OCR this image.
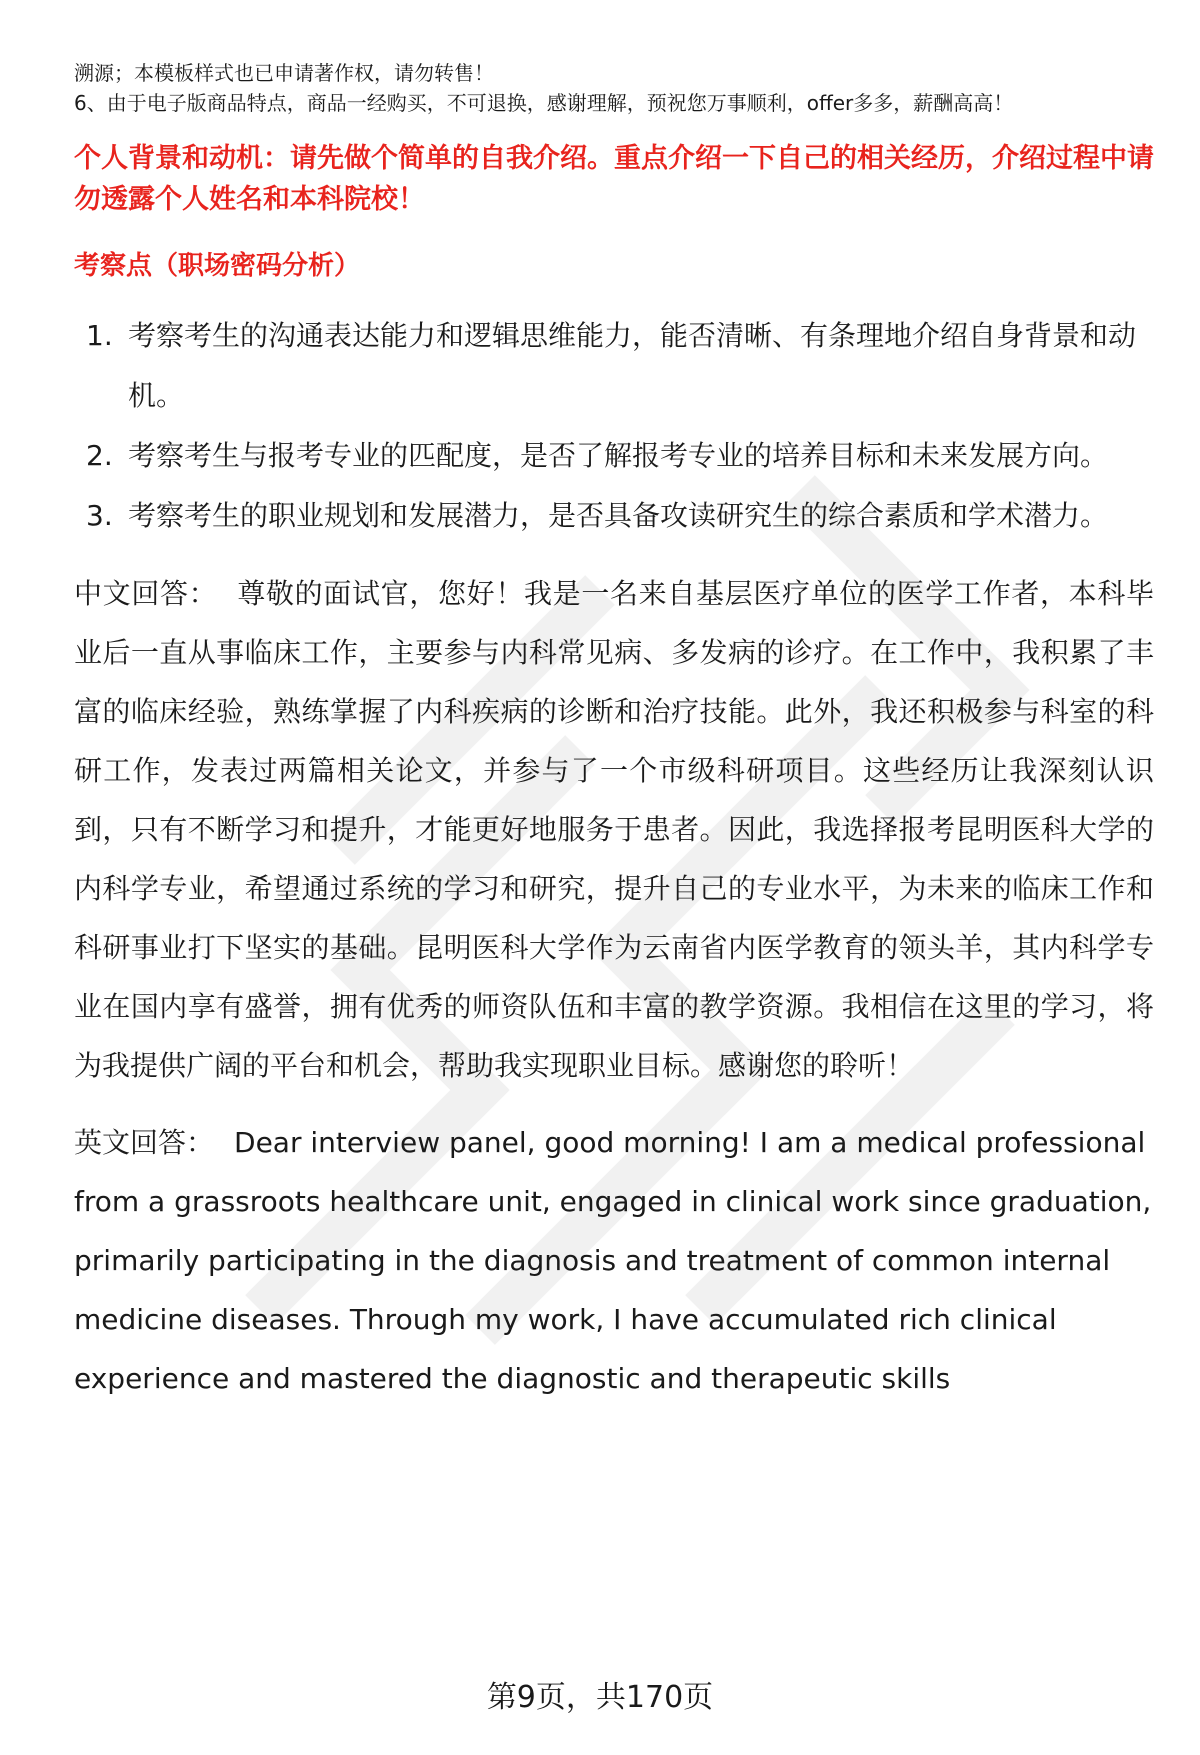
溯源；本模板样式也已申请著作权，请勿转售！

6、由于电子版商品特点，商品一经购买，不可退换，感谢理解，预祝您万事顺利，offer多多，薪酬高高！

个人背景和动机：请先做个简单的自我介绍。重点介绍一下自己的相关经历，介绍过程中请勿透露个人姓名和本科院校！

考察点（职场密码分析）

1. 考察考生的沟通表达能力和逻辑思维能力，能否清晰、有条理地介绍自身背景和动机。
2. 考察考生与报考专业的匹配度，是否了解报考专业的培养目标和未来发展方向。
3. 考察考生的职业规划和发展潜力，是否具备攻读研究生的综合素质和学术潜力。

中文回答： 尊敬的面试官，您好！我是一名来自基层医疗单位的医学工作者，本科毕业后一直从事临床工作，主要参与内科常见病、多发病的诊疗。在工作中，我积累了丰富的临床经验，熟练掌握了内科疾病的诊断和治疗技能。此外，我还积极参与科室的科研工作，发表过两篇相关论文，并参与了一个市级科研项目。这些经历让我深刻认识到，只有不断学习和提升，才能更好地服务于患者。因此，我选择报考昆明医科大学的内科学专业，希望通过系统的学习和研究，提升自己的专业水平，为未来的临床工作和科研事业打下坚实的基础。昆明医科大学作为云南省内医学教育的领头羊，其内科学专业在国内享有盛誉，拥有优秀的师资队伍和丰富的教学资源。我相信在这里的学习，将为我提供广阔的平台和机会，帮助我实现职业目标。感谢您的聆听！

英文回答： Dear interview panel, good morning! I am a medical professional from a grassroots healthcare unit, engaged in clinical work since graduation, primarily participating in the diagnosis and treatment of common internal medicine diseases. Through my work, I have accumulated rich clinical experience and mastered the diagnostic and therapeutic skills

第9页，共170页
